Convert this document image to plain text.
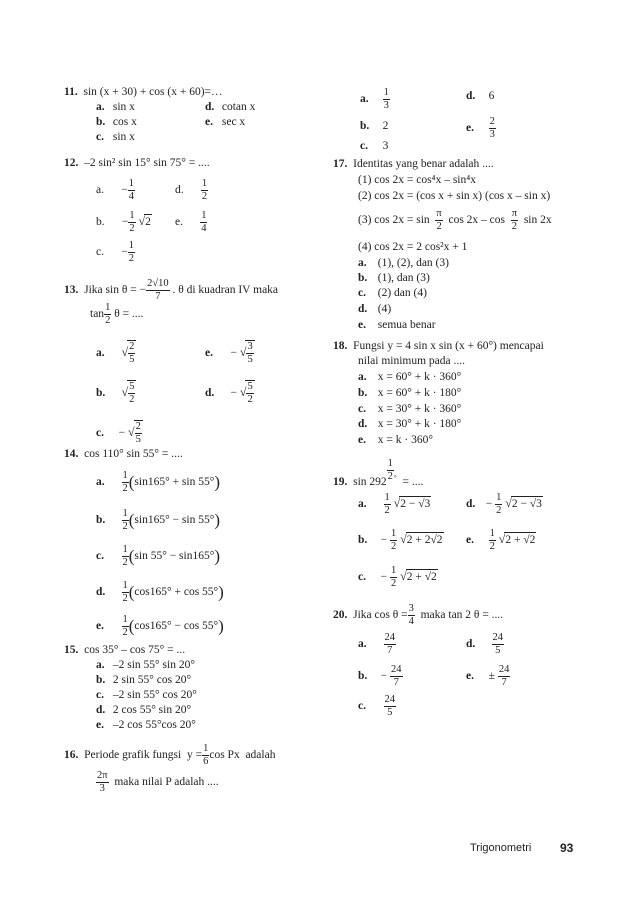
11. sin (x + 30) + cos (x + 60)=…
a. sin x
b. cos x
c. sin x
d. cotan x
e. sec x
12. –2 sin² sin 15° sin 75° = ....
a.      − $\frac{1}{4}$
b.      − $\frac{1}{2} √2$
c.      − $\frac{1}{2}$
d. $\frac{1}{2}$
e. $\frac{1}{4}$
13. Jika sin θ = − $\frac{2√10}{7}$ . θ di kuadran IV maka
$\tan \frac{1}{2}$ θ = ....
a. √ $\frac{2}{5}$
b. √ $\frac{5}{2}$
c.   − √ $\frac{2}{5}$
e.    − √ $\frac{3}{5}$
d.    − √ $\frac{5}{2}$
14. cos 110° sin 55° = ....
a. $\frac{1}{2} (\sin 165^\circ + \sin 55^\circ)$
b. $\frac{1}{2} (\sin 165^\circ - \sin 55^\circ)$
c. $\frac{1}{2} (\sin$ 55° − sin165°)
d. $\frac{1}{2} (\cos 165^\circ + \cos 55^\circ)$
e. $\frac{1}{2} (\cos 165^\circ - \cos 55^\circ)$
15. cos 35° – cos 75° = ...
a. –2 sin 55° sin 20°
b. 2 sin 55° cos 20°
c. –2 sin 55° cos 20°
d. 2 cos 55° sin 20°
e. –2 cos 55°cos 20°
16. Periode grafik fungsi $y = \frac{1}{6}$ cos Px adalah
$\frac{2\pi}{3}$ maka nilai P adalah ....
a. $\frac{1}{3}$
b. 2
c. 3
d. 6
e. $\frac{2}{3}$
17. Identitas yang benar adalah ....
(1) cos 2x = cos⁴x – sin⁴x
(2) cos 2x = (cos x + sin x) (cos x – sin x)
(3) $\cos 2x = \sin \frac{\pi}{2}$ $\cos 2x - \cos \frac{\pi}{2}$ sin 2x
(4) cos 2x = 2 cos²x + 1
a. (1), (2), dan (3)
b. (1), dan (3)
c. (2) dan (4)
d. (4)
e. semua benar
18. Fungsi y = 4 sin x sin (x + 60°) mencapai
nilai minimum pada ....
a. x = 60° + k · 360°
b. x = 60° + k · 180°
c. x = 30° + k · 360°
d. x = 30° + k · 180°
e. x = k · 360°
19. $\sin 292 \frac{1}{2} ^\circ$ = ....
a. $\frac{1}{2} √2 - √3$
b.   − $\frac{1}{2} √2 + 2√2$
c.   − $\frac{1}{2} √2 + √2$
d.  − $\frac{1}{2} √2 - √3$
e. $\frac{1}{2} √2 + √2$
20. Jika $\cos \theta = \frac{3}{4}$ maka tan 2 θ = ....
a. $\frac{24}{7}$
b.   − $\frac{24}{7}$
c. $\frac{24}{5}$
d. $\frac{24}{5}$
e.   ± $\frac{24}{7}$
Trigonometri 93
